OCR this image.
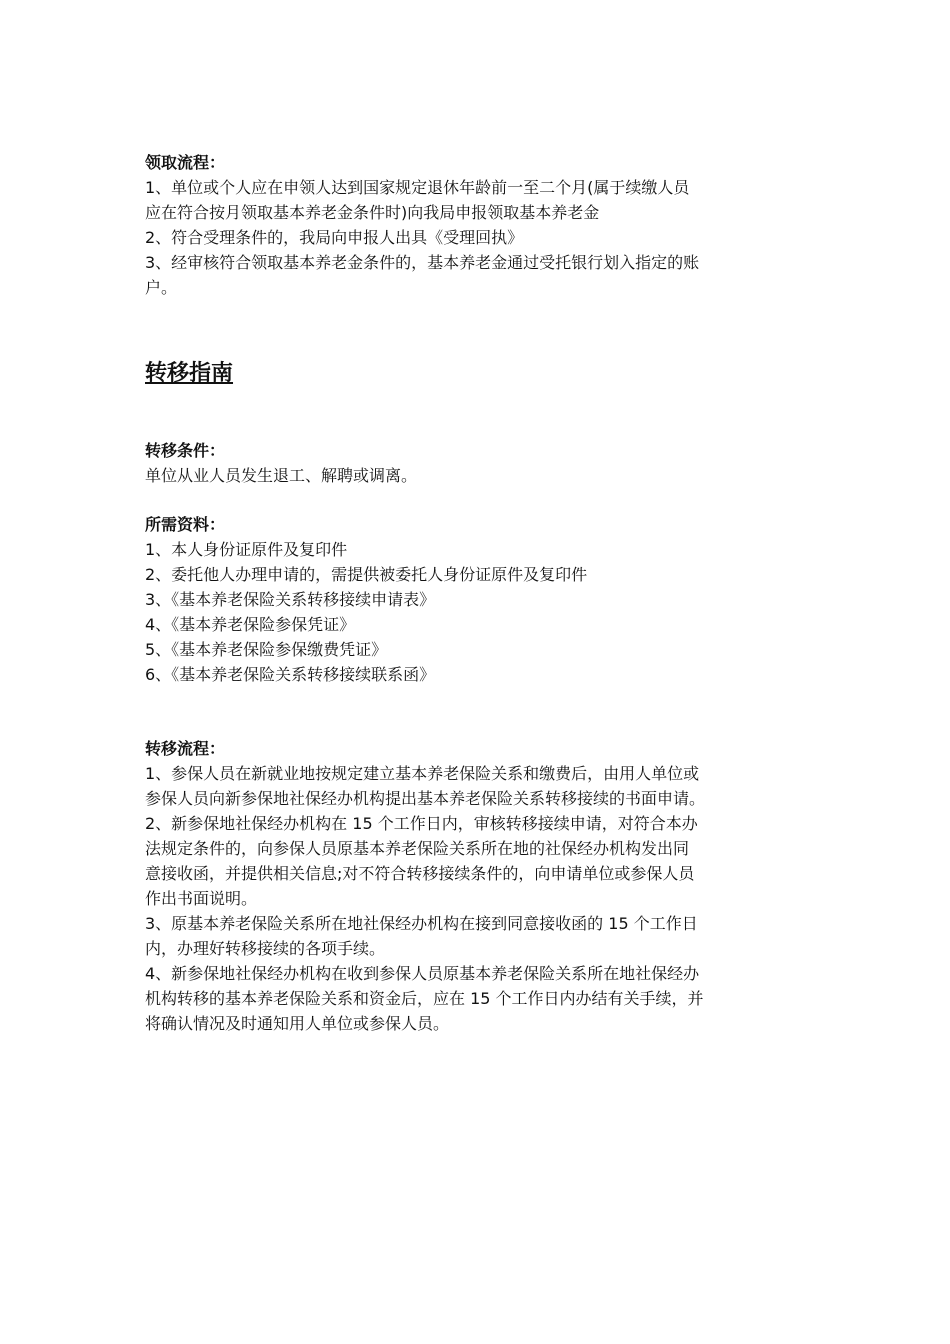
领取流程：

1、单位或个人应在申领人达到国家规定退休年龄前一至二个月(属于续缴人员

应在符合按月领取基本养老金条件时)向我局申报领取基本养老金

2、符合受理条件的，我局向申报人出具《受理回执》

3、经审核符合领取基本养老金条件的，基本养老金通过受托银行划入指定的账

户。

转移指南

转移条件：

单位从业人员发生退工、解聘或调离。

所需资料：

1、本人身份证原件及复印件

2、委托他人办理申请的，需提供被委托人身份证原件及复印件

3、《基本养老保险关系转移接续申请表》

4、《基本养老保险参保凭证》

5、《基本养老保险参保缴费凭证》

6、《基本养老保险关系转移接续联系函》

转移流程：

1、参保人员在新就业地按规定建立基本养老保险关系和缴费后，由用人单位或

参保人员向新参保地社保经办机构提出基本养老保险关系转移接续的书面申请。

2、新参保地社保经办机构在 15 个工作日内，审核转移接续申请，对符合本办

法规定条件的，向参保人员原基本养老保险关系所在地的社保经办机构发出同

意接收函，并提供相关信息;对不符合转移接续条件的，向申请单位或参保人员

作出书面说明。

3、原基本养老保险关系所在地社保经办机构在接到同意接收函的 15 个工作日

内，办理好转移接续的各项手续。

4、新参保地社保经办机构在收到参保人员原基本养老保险关系所在地社保经办

机构转移的基本养老保险关系和资金后，应在 15 个工作日内办结有关手续，并

将确认情况及时通知用人单位或参保人员。
